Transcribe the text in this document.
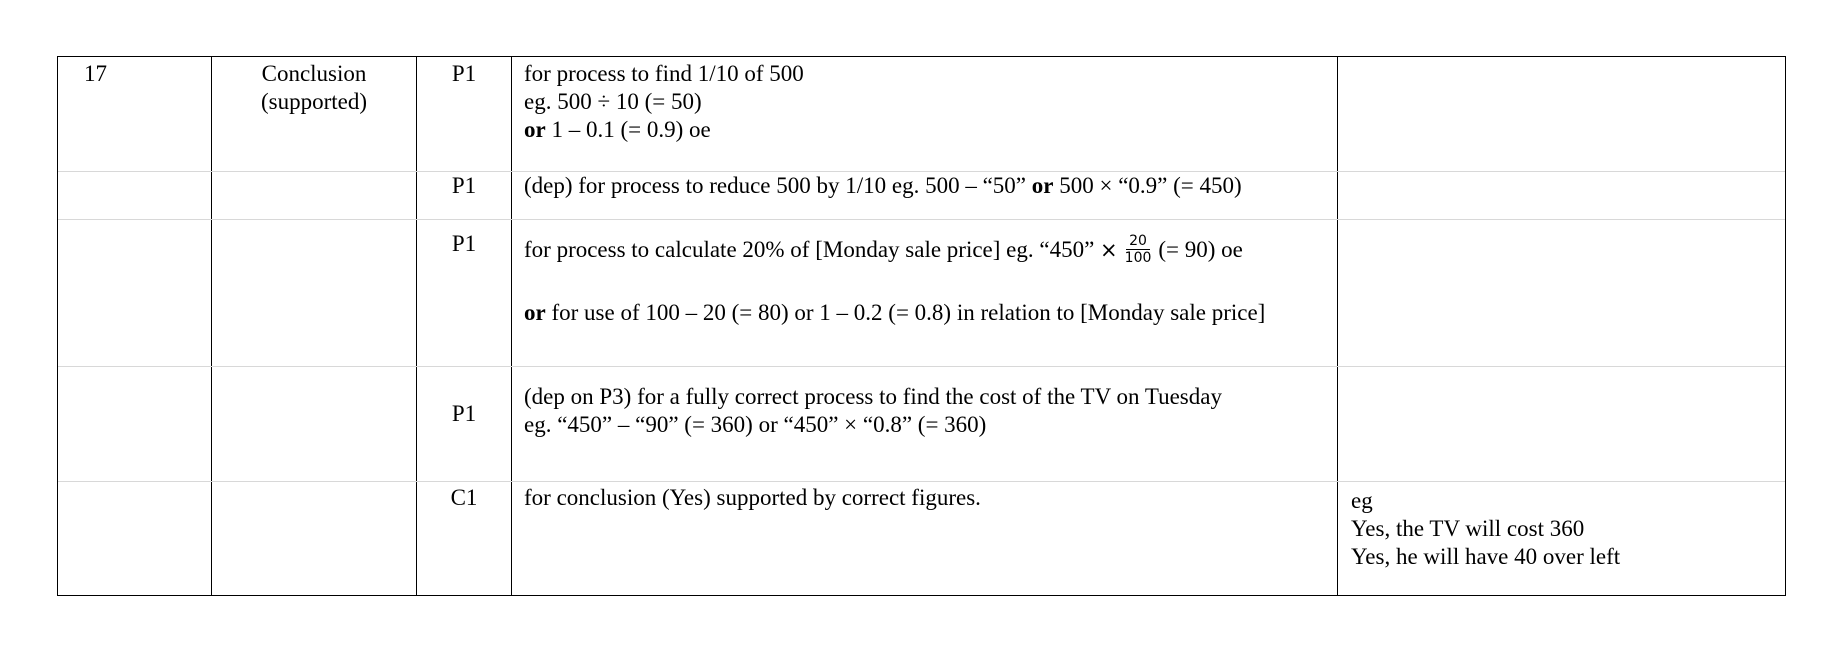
17	Conclusion
(supported)
P1
P1
P1
P1
C1
for process to find 1/10 of 500
eg. 500 ÷ 10 (= 50)
or 1 – 0.1 (= 0.9) oe
(dep) for process to reduce 500 by 1/10 eg. 500 – “50” or 500 × “0.9” (= 450)
for process to calculate 20% of [Monday sale price] eg. “450” × $\frac{20}{100}$ (= 90) oe
or for use of 100 – 20 (= 80) or 1 – 0.2 (= 0.8) in relation to [Monday sale price]
(dep on P3) for a fully correct process to find the cost of the TV on Tuesday
eg. “450” – “90” (= 360) or “450” × “0.8” (= 360)
for conclusion (Yes) supported by correct figures.	eg
Yes, the TV will cost 360
Yes, he will have 40 over left
